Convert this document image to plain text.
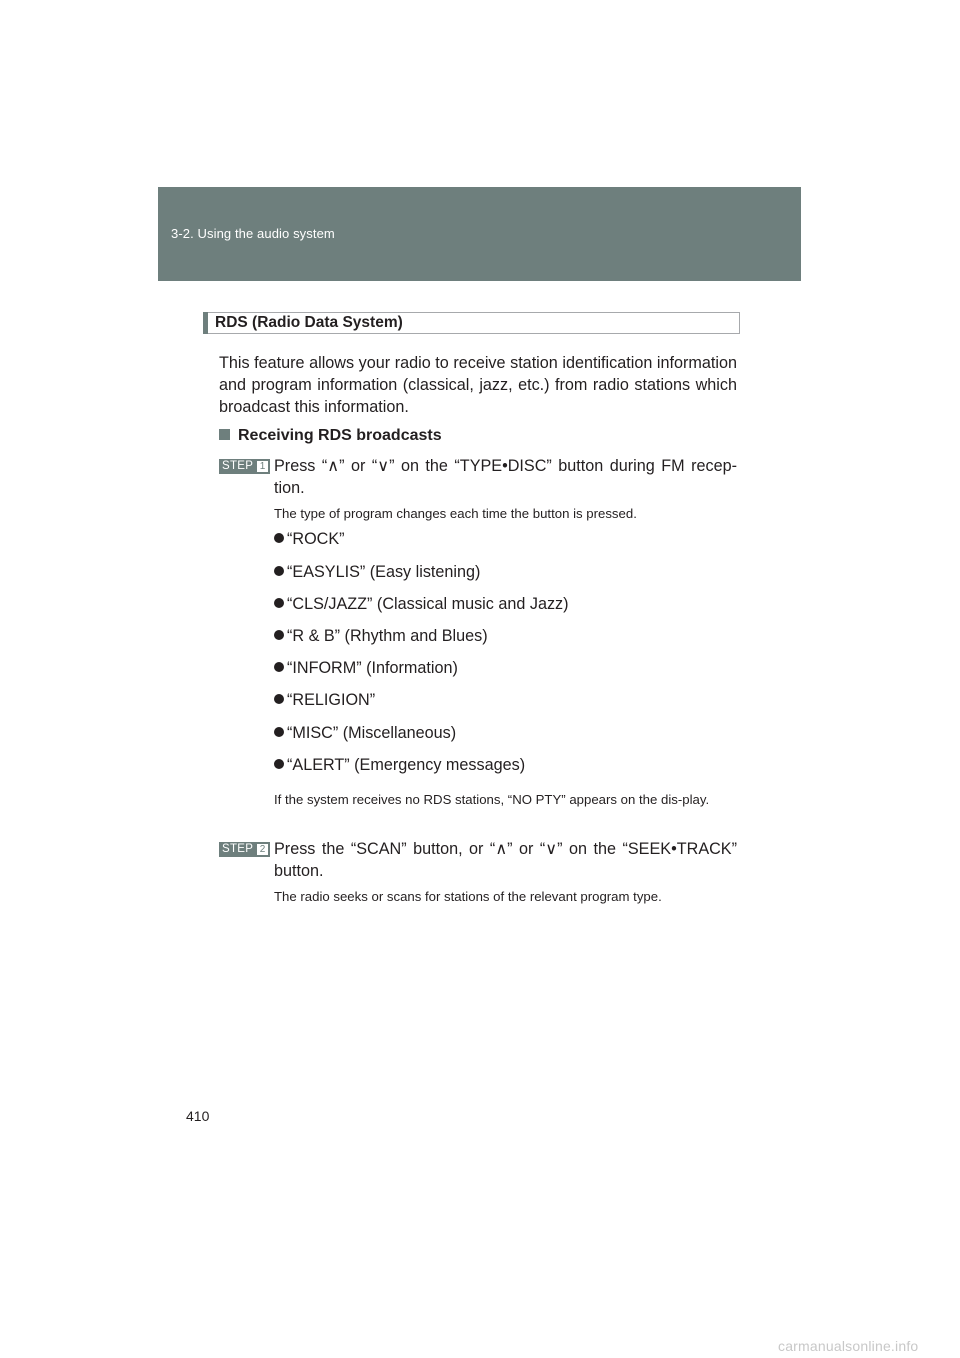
3-2. Using the audio system
RDS (Radio Data System)
This feature allows your radio to receive station identification information and program information (classical, jazz, etc.) from radio stations which broadcast this information.
Receiving RDS broadcasts
STEP 1 Press “∧” or “∨” on the “TYPE•DISC” button during FM recep-tion.
The type of program changes each time the button is pressed.
“ROCK”
“EASYLIS” (Easy listening)
“CLS/JAZZ” (Classical music and Jazz)
“R & B” (Rhythm and Blues)
“INFORM” (Information)
“RELIGION”
“MISC” (Miscellaneous)
“ALERT” (Emergency messages)
If the system receives no RDS stations, “NO PTY” appears on the dis-play.
STEP 2 Press the “SCAN” button, or “∧” or “∨” on the “SEEK•TRACK” button.
The radio seeks or scans for stations of the relevant program type.
410
carmanualsonline.info
